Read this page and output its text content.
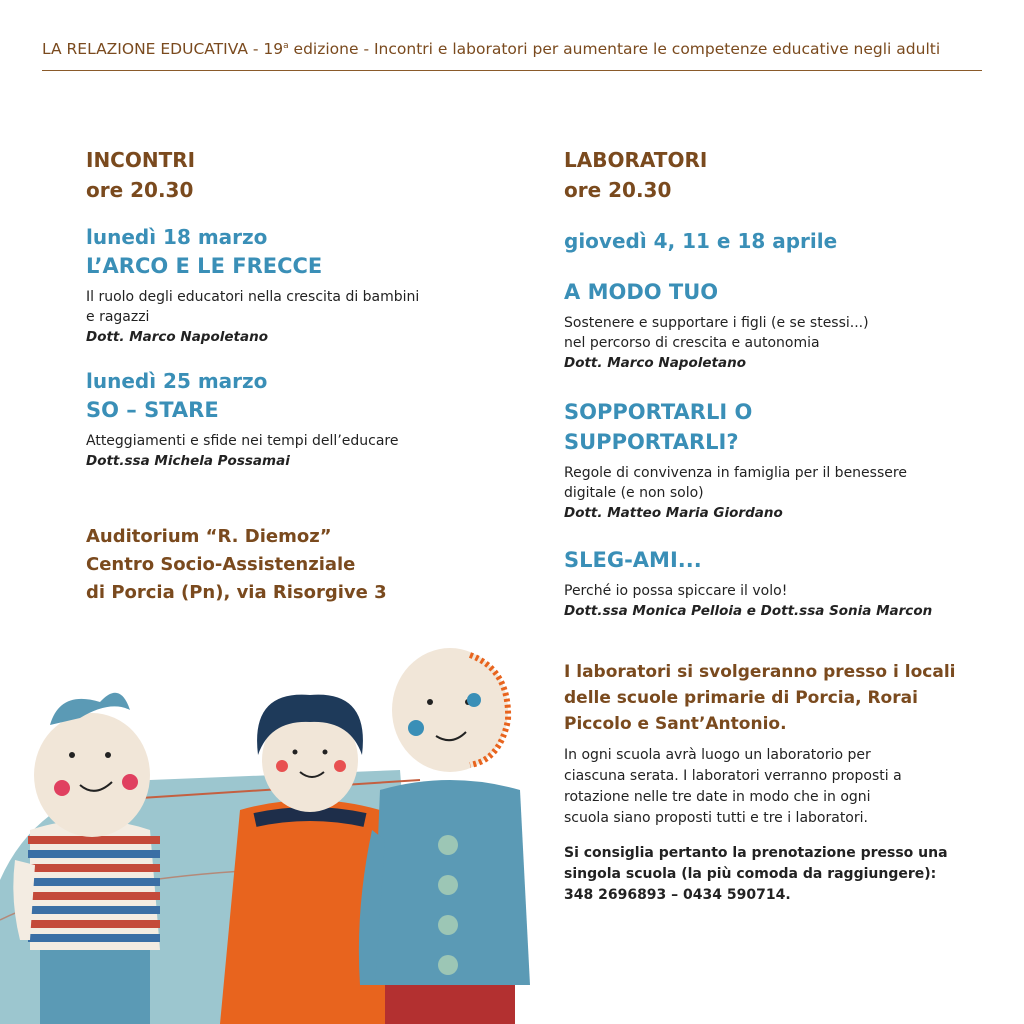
LA RELAZIONE EDUCATIVA - 19$^a$ edizione - Incontri e laboratori per aumentare le competenze educative negli adulti
INCONTRI
ore 20.30
lunedì 18 marzo
L’ARCO E LE FRECCE
Il ruolo degli educatori nella crescita di bambini
e ragazzi
Dott. Marco Napoletano
lunedì 25 marzo
SO – STARE
Atteggiamenti e sfide nei tempi dell’educare
Dott.ssa Michela Possamai
Auditorium “R. Diemoz”
Centro Socio-Assistenziale
di Porcia (Pn), via Risorgive 3
LABORATORI
ore 20.30
giovedì 4, 11 e 18 aprile
A MODO TUO
Sostenere e supportare i figli (e se stessi...)
nel percorso di crescita e autonomia
Dott. Marco Napoletano
SOPPORTARLI O
SUPPORTARLI?
Regole di convivenza in famiglia per il benessere
digitale (e non solo)
Dott. Matteo Maria Giordano
SLEG-AMI...
Perché io possa spiccare il volo!
Dott.ssa Monica Pelloia e Dott.ssa Sonia Marcon
I laboratori si svolgeranno presso i locali
delle scuole primarie di Porcia, Rorai
Piccolo e Sant’Antonio.
In ogni scuola avrà luogo un laboratorio per
ciascuna serata. I laboratori verranno proposti a
rotazione nelle tre date in modo che in ogni
scuola siano proposti tutti e tre i laboratori.
Si consiglia pertanto la prenotazione presso una
singola scuola (la più comoda da raggiungere):
348 2696893 – 0434 590714.
